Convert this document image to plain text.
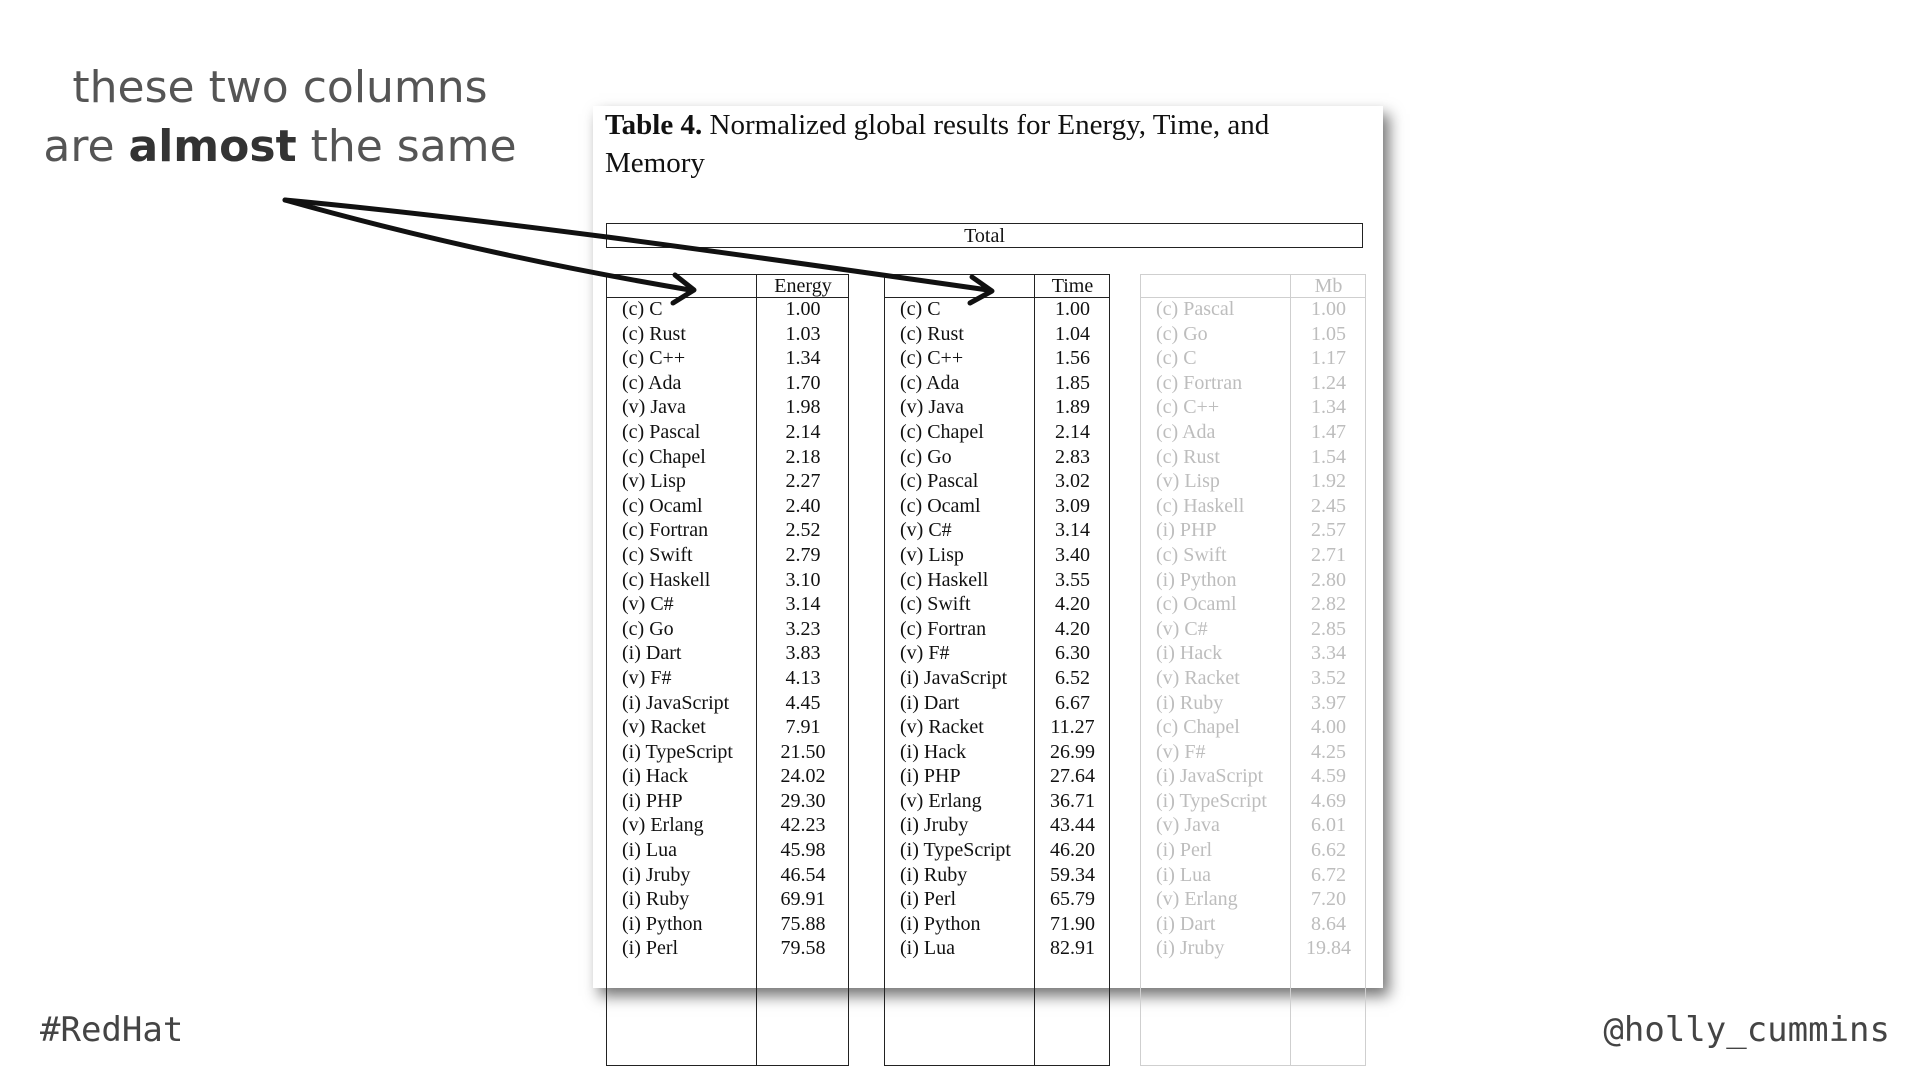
these two columns
are almost the same	Table 4. Normalized global results for Energy, Time, and Memory
Total
Energy
(c) C	1.00
(c) Rust	1.03
(c) C++	1.34
(c) Ada	1.70
(v) Java	1.98
(c) Pascal	2.14
(c) Chapel	2.18
(v) Lisp	2.27
(c) Ocaml	2.40
(c) Fortran	2.52
(c) Swift	2.79
(c) Haskell	3.10
(v) C#	3.14
(c) Go	3.23
(i) Dart	3.83
(v) F#	4.13
(i) JavaScript	4.45
(v) Racket	7.91
(i) TypeScript	21.50
(i) Hack	24.02
(i) PHP	29.30
(v) Erlang	42.23
(i) Lua	45.98
(i) Jruby	46.54
(i) Ruby	69.91
(i) Python	75.88
(i) Perl	79.58
Time
(c) C	1.00
(c) Rust	1.04
(c) C++	1.56
(c) Ada	1.85
(v) Java	1.89
(c) Chapel	2.14
(c) Go	2.83
(c) Pascal	3.02
(c) Ocaml	3.09
(v) C#	3.14
(v) Lisp	3.40
(c) Haskell	3.55
(c) Swift	4.20
(c) Fortran	4.20
(v) F#	6.30
(i) JavaScript	6.52
(i) Dart	6.67
(v) Racket	11.27
(i) Hack	26.99
(i) PHP	27.64
(v) Erlang	36.71
(i) Jruby	43.44
(i) TypeScript	46.20
(i) Ruby	59.34
(i) Perl	65.79
(i) Python	71.90
(i) Lua	82.91
Mb
(c) Pascal	1.00
(c) Go	1.05
(c) C	1.17
(c) Fortran	1.24
(c) C++	1.34
(c) Ada	1.47
(c) Rust	1.54
(v) Lisp	1.92
(c) Haskell	2.45
(i) PHP	2.57
(c) Swift	2.71
(i) Python	2.80
(c) Ocaml	2.82
(v) C#	2.85
(i) Hack	3.34
(v) Racket	3.52
(i) Ruby	3.97
(c) Chapel	4.00
(v) F#	4.25
(i) JavaScript	4.59
(i) TypeScript	4.69
(v) Java	6.01
(i) Perl	6.62
(i) Lua	6.72
(v) Erlang	7.20
(i) Dart	8.64
(i) Jruby	19.84
#RedHat	@holly_cummins
